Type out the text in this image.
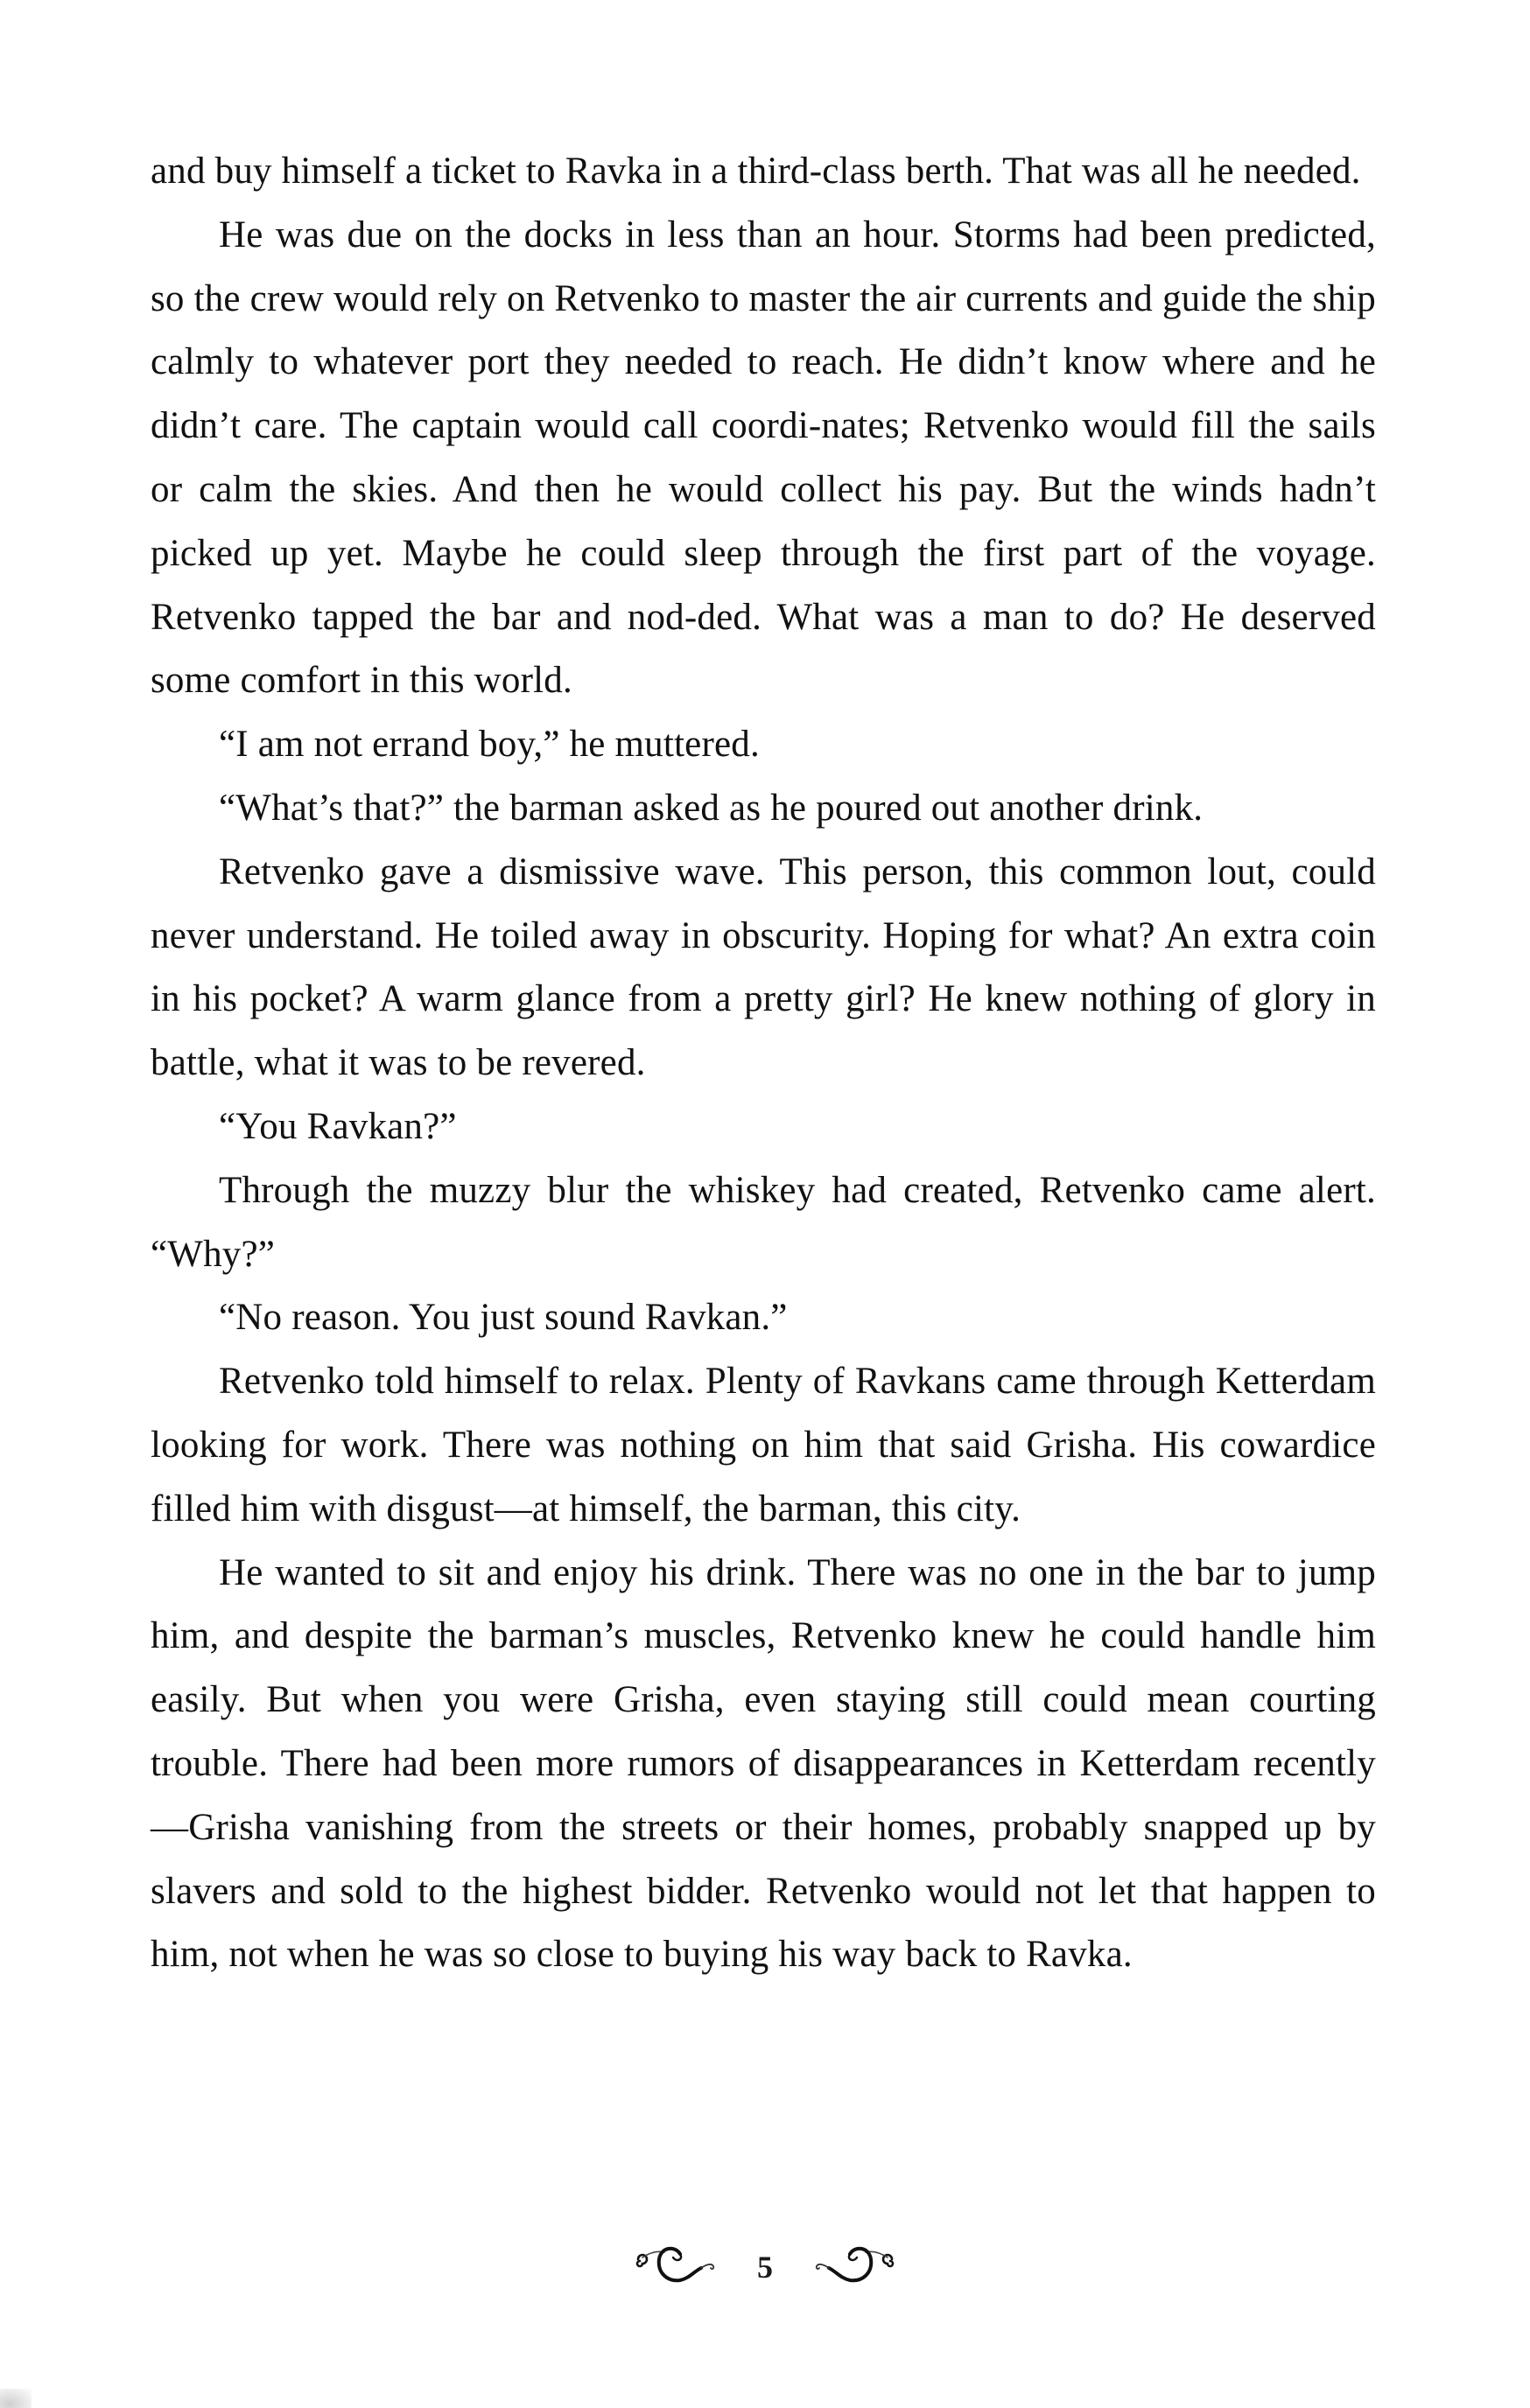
and buy himself a ticket to Ravka in a third-class berth. That was all he needed.

He was due on the docks in less than an hour. Storms had been predicted, so the crew would rely on Retvenko to master the air currents and guide the ship calmly to whatever port they needed to reach. He didn’t know where and he didn’t care. The captain would call coordi-nates; Retvenko would fill the sails or calm the skies. And then he would collect his pay. But the winds hadn’t picked up yet. Maybe he could sleep through the first part of the voyage. Retvenko tapped the bar and nod-ded. What was a man to do? He deserved some comfort in this world.

“I am not errand boy,” he muttered.

“What’s that?” the barman asked as he poured out another drink.

Retvenko gave a dismissive wave. This person, this common lout, could never understand. He toiled away in obscurity. Hoping for what? An extra coin in his pocket? A warm glance from a pretty girl? He knew nothing of glory in battle, what it was to be revered.

“You Ravkan?”

Through the muzzy blur the whiskey had created, Retvenko came alert. “Why?”

“No reason. You just sound Ravkan.”

Retvenko told himself to relax. Plenty of Ravkans came through Ketterdam looking for work. There was nothing on him that said Grisha. His cowardice filled him with disgust—at himself, the barman, this city.

He wanted to sit and enjoy his drink. There was no one in the bar to jump him, and despite the barman’s muscles, Retvenko knew he could handle him easily. But when you were Grisha, even staying still could mean courting trouble. There had been more rumors of disappearances in Ketterdam recently—Grisha vanishing from the streets or their homes, probably snapped up by slavers and sold to the highest bidder. Retvenko would not let that happen to him, not when he was so close to buying his way back to Ravka.

5
